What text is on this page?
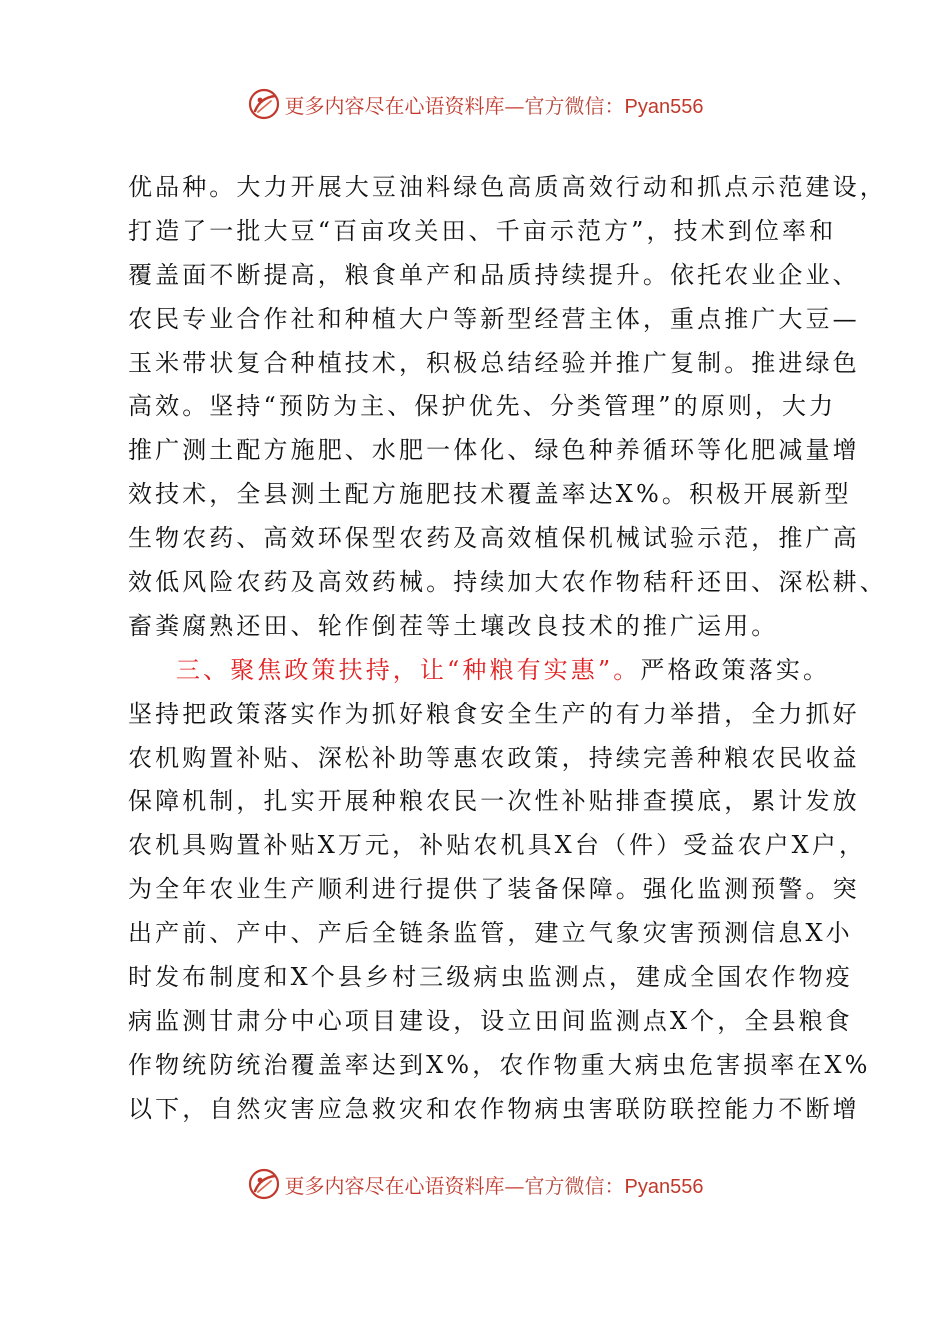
更多内容尽在心语资料库—官方微信：Pyan556
优品种。大力开展大豆油料绿色高质高效行动和抓点示范建设，
打造了一批大豆“百亩攻关田、千亩示范方”，技术到位率和
覆盖面不断提高，粮食单产和品质持续提升。依托农业企业、
农民专业合作社和种植大户等新型经营主体，重点推广大豆—
玉米带状复合种植技术，积极总结经验并推广复制。推进绿色
高效。坚持“预防为主、保护优先、分类管理”的原则，大力
推广测土配方施肥、水肥一体化、绿色种养循环等化肥减量增
效技术，全县测土配方施肥技术覆盖率达X%。积极开展新型
生物农药、高效环保型农药及高效植保机械试验示范，推广高
效低风险农药及高效药械。持续加大农作物秸秆还田、深松耕、
畜粪腐熟还田、轮作倒茬等土壤改良技术的推广运用。
三、聚焦政策扶持，让“种粮有实惠”。严格政策落实。
坚持把政策落实作为抓好粮食安全生产的有力举措，全力抓好
农机购置补贴、深松补助等惠农政策，持续完善种粮农民收益
保障机制，扎实开展种粮农民一次性补贴排查摸底，累计发放
农机具购置补贴X万元，补贴农机具X台（件）受益农户X户，
为全年农业生产顺利进行提供了装备保障。强化监测预警。突
出产前、产中、产后全链条监管，建立气象灾害预测信息X小
时发布制度和X个县乡村三级病虫监测点，建成全国农作物疫
病监测甘肃分中心项目建设，设立田间监测点X个，全县粮食
作物统防统治覆盖率达到X%，农作物重大病虫危害损率在X%
以下，自然灾害应急救灾和农作物病虫害联防联控能力不断增
更多内容尽在心语资料库—官方微信：Pyan556
